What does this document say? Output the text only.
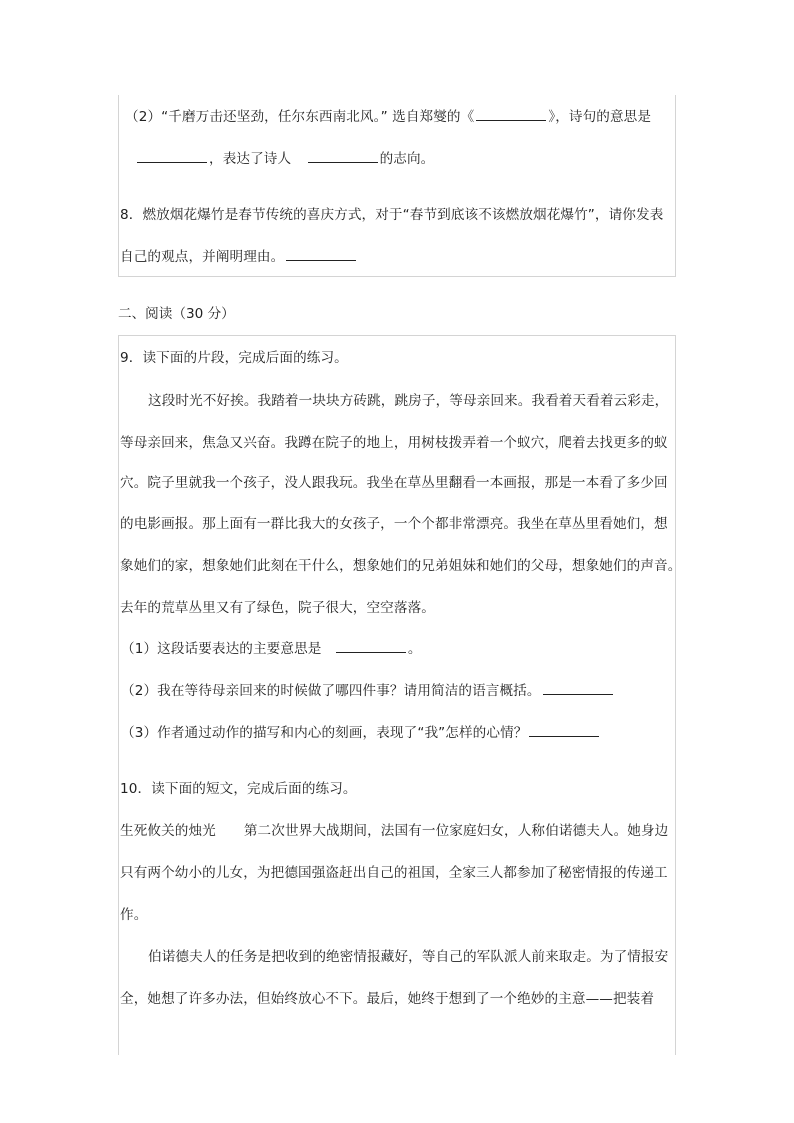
（2）“千磨万击还坚劲，任尔东西南北风。” 选自郑燮的《	》，诗句的意思是
，表达了诗人	的志向。
8．燃放烟花爆竹是春节传统的喜庆方式，对于“春节到底该不该燃放烟花爆竹”，请你发表
自己的观点，并阐明理由。
二、阅读（30 分）
9．读下面的片段，完成后面的练习。
这段时光不好挨。我踏着一块块方砖跳，跳房子，等母亲回来。我看着天看着云彩走，
等母亲回来，焦急又兴奋。我蹲在院子的地上，用树枝拨弄着一个蚁穴，爬着去找更多的蚁
穴。院子里就我一个孩子，没人跟我玩。我坐在草丛里翻看一本画报，那是一本看了多少回
的电影画报。那上面有一群比我大的女孩子，一个个都非常漂亮。我坐在草丛里看她们，想
象她们的家，想象她们此刻在干什么，想象她们的兄弟姐妹和她们的父母，想象她们的声音。
去年的荒草丛里又有了绿色，院子很大，空空落落。
（1）这段话要表达的主要意思是	。
（2）我在等待母亲回来的时候做了哪四件事？请用简洁的语言概括。
（3）作者通过动作的描写和内心的刻画，表现了“我”怎样的心情？
10．读下面的短文，完成后面的练习。
生死攸关的烛光 第二次世界大战期间，法国有一位家庭妇女，人称伯诺德夫人。她身边
只有两个幼小的儿女，为把德国强盗赶出自己的祖国，全家三人都参加了秘密情报的传递工
作。
伯诺德夫人的任务是把收到的绝密情报藏好，等自己的军队派人前来取走。为了情报安
全，她想了许多办法，但始终放心不下。最后，她终于想到了一个绝妙的主意——把装着
